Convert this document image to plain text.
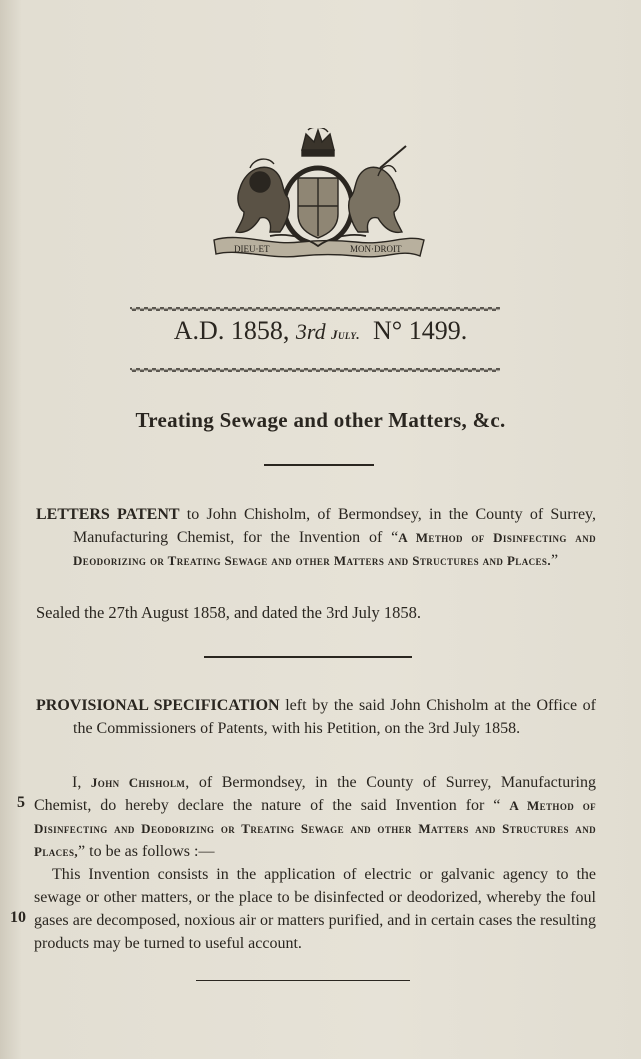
DIEU·ET	MON·DROIT
A.D. 1858, 3rd July. N° 1499.
Treating Sewage and other Matters, &c.

LETTERS PATENT to John Chisholm, of Bermondsey, in the County of Surrey, Manufacturing Chemist, for the Invention of “A Method of Disinfecting and Deodorizing or Treating Sewage and other Matters and Structures and Places.”

Sealed the 27th August 1858, and dated the 3rd July 1858.

PROVISIONAL SPECIFICATION left by the said John Chisholm at the Office of the Commissioners of Patents, with his Petition, on the 3rd July 1858.

I, John Chisholm, of Bermondsey, in the County of Surrey, Manufacturing Chemist, do hereby declare the nature of the said Invention for “ A Method of Disinfecting and Deodorizing or Treating Sewage and other Matters and Structures and Places,” to be as follows :—

This Invention consists in the application of electric or galvanic agency to the sewage or other matters, or the place to be disinfected or deodorized, whereby the foul gases are decomposed, noxious air or matters purified, and in certain cases the resulting products may be turned to useful account.

5
10
